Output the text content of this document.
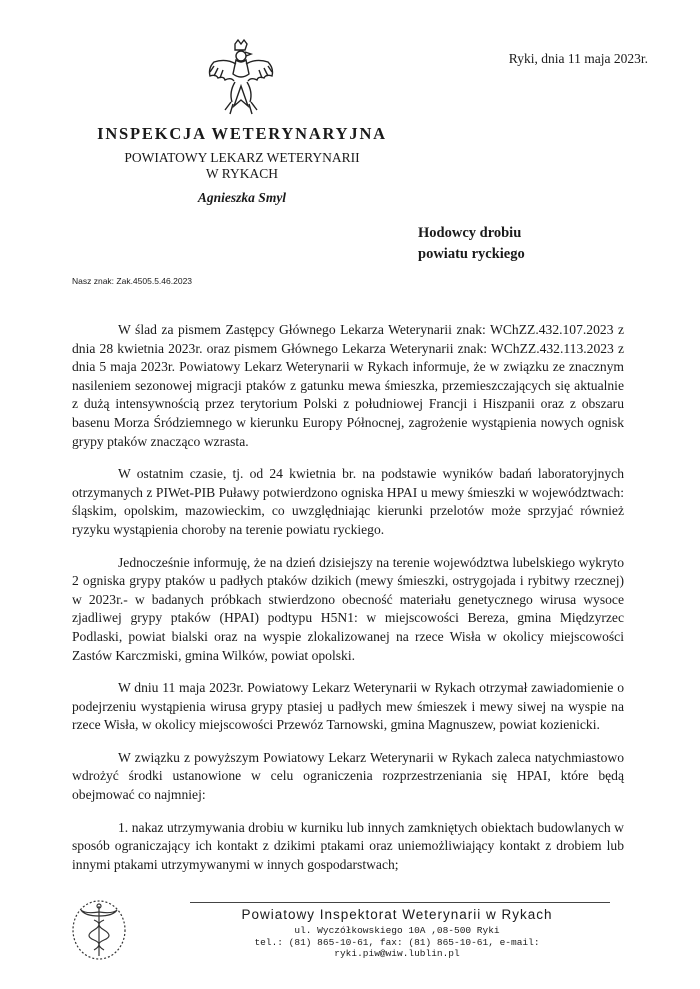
Ryki, dnia 11 maja 2023r.
INSPEKCJA WETERYNARYJNA
POWIATOWY LEKARZ WETERYNARII
W RYKACH
Agnieszka Smyl
Hodowcy drobiu
powiatu ryckiego
Nasz znak: Zak.4505.5.46.2023

W ślad za pismem Zastępcy Głównego Lekarza Weterynarii znak: WChZZ.432.107.2023 z dnia 28 kwietnia 2023r. oraz pismem Głównego Lekarza Weterynarii znak: WChZZ.432.113.2023 z dnia 5 maja 2023r. Powiatowy Lekarz Weterynarii w Rykach informuje, że w związku ze znacznym nasileniem sezonowej migracji ptaków z gatunku mewa śmieszka, przemieszczających się aktualnie z dużą intensywnością przez terytorium Polski z południowej Francji i Hiszpanii oraz z obszaru basenu Morza Śródziemnego w kierunku Europy Północnej, zagrożenie wystąpienia nowych ognisk grypy ptaków znacząco wzrasta.

W ostatnim czasie, tj. od 24 kwietnia br. na podstawie wyników badań laboratoryjnych otrzymanych z PIWet-PIB Puławy potwierdzono ogniska HPAI u mewy śmieszki w województwach: śląskim, opolskim, mazowieckim, co uwzględniając kierunki przelotów może sprzyjać również ryzyku wystąpienia choroby na terenie powiatu ryckiego.

Jednocześnie informuję, że na dzień dzisiejszy na terenie województwa lubelskiego wykryto 2 ogniska grypy ptaków u padłych ptaków dzikich (mewy śmieszki, ostrygojada i rybitwy rzecznej) w 2023r.- w badanych próbkach stwierdzono obecność materiału genetycznego wirusa wysoce zjadliwej grypy ptaków (HPAI) podtypu H5N1: w miejscowości Bereza, gmina Międzyrzec Podlaski, powiat bialski oraz na wyspie zlokalizowanej na rzece Wisła w okolicy miejscowości Zastów Karczmiski, gmina Wilków, powiat opolski.

W dniu 11 maja 2023r. Powiatowy Lekarz Weterynarii w Rykach otrzymał zawiadomienie o podejrzeniu wystąpienia wirusa grypy ptasiej u padłych mew śmieszek i mewy siwej na wyspie na rzece Wisła, w okolicy miejscowości Przewóz Tarnowski, gmina Magnuszew, powiat kozienicki.

W związku z powyższym Powiatowy Lekarz Weterynarii w Rykach zaleca natychmiastowo wdrożyć środki ustanowione w celu ograniczenia rozprzestrzeniania się HPAI, które będą obejmować co najmniej:

1. nakaz utrzymywania drobiu w kurniku lub innych zamkniętych obiektach budowlanych w sposób ograniczający ich kontakt z dzikimi ptakami oraz uniemożliwiający kontakt z drobiem lub innymi ptakami utrzymywanymi w innych gospodarstwach;

Powiatowy Inspektorat Weterynarii w Rykach
ul. Wyczółkowskiego 10A ,08-500 Ryki
tel.: (81) 865-10-61, fax: (81) 865-10-61, e-mail: ryki.piw@wiw.lublin.pl
